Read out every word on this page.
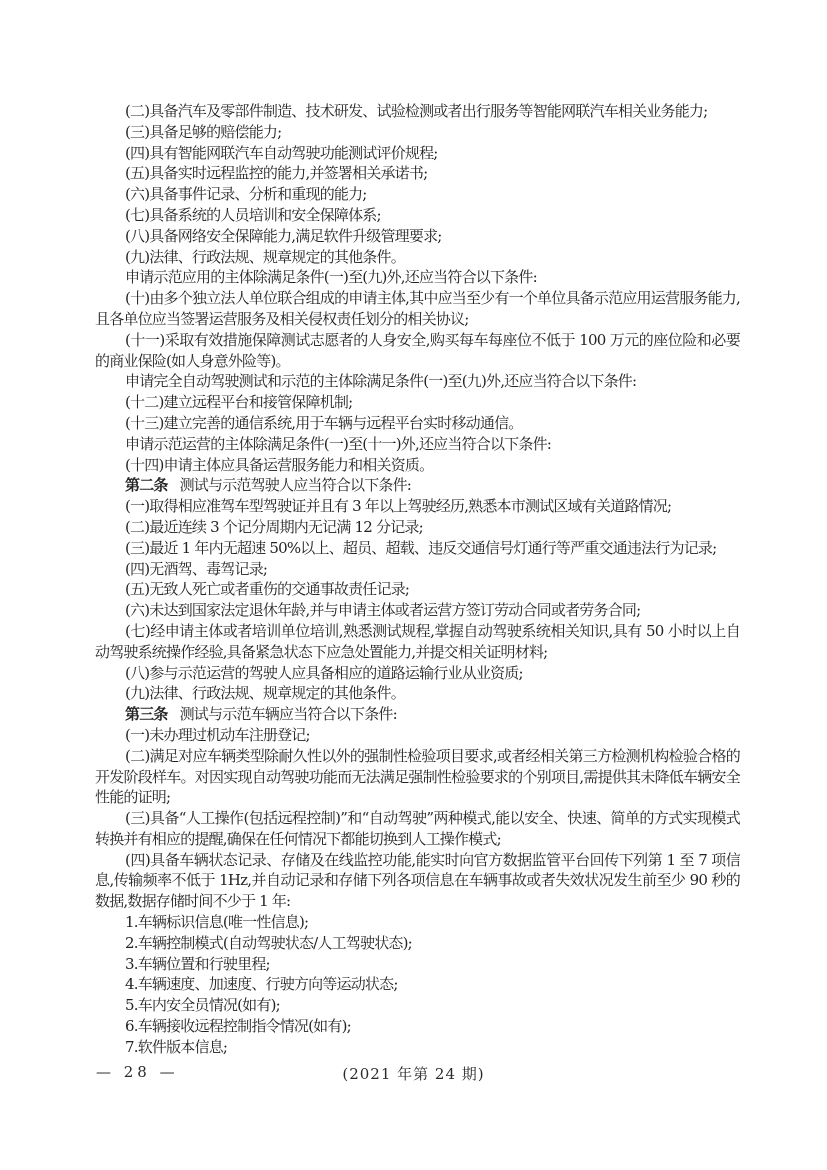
(二)具备汽车及零部件制造、技术研发、试验检测或者出行服务等智能网联汽车相关业务能力;

(三)具备足够的赔偿能力;

(四)具有智能网联汽车自动驾驶功能测试评价规程;

(五)具备实时远程监控的能力,并签署相关承诺书;

(六)具备事件记录、分析和重现的能力;

(七)具备系统的人员培训和安全保障体系;

(八)具备网络安全保障能力,满足软件升级管理要求;

(九)法律、行政法规、规章规定的其他条件。

申请示范应用的主体除满足条件(一)至(九)外,还应当符合以下条件:

(十)由多个独立法人单位联合组成的申请主体,其中应当至少有一个单位具备示范应用运营服务能力,且各单位应当签署运营服务及相关侵权责任划分的相关协议;

(十一)采取有效措施保障测试志愿者的人身安全,购买每车每座位不低于 100 万元的座位险和必要的商业保险(如人身意外险等)。

申请完全自动驾驶测试和示范的主体除满足条件(一)至(九)外,还应当符合以下条件:

(十二)建立远程平台和接管保障机制;

(十三)建立完善的通信系统,用于车辆与远程平台实时移动通信。

申请示范运营的主体除满足条件(一)至(十一)外,还应当符合以下条件:

(十四)申请主体应具备运营服务能力和相关资质。

第二条 测试与示范驾驶人应当符合以下条件:

(一)取得相应准驾车型驾驶证并且有 3 年以上驾驶经历,熟悉本市测试区域有关道路情况;

(二)最近连续 3 个记分周期内无记满 12 分记录;

(三)最近 1 年内无超速 50%以上、超员、超载、违反交通信号灯通行等严重交通违法行为记录;

(四)无酒驾、毒驾记录;

(五)无致人死亡或者重伤的交通事故责任记录;

(六)未达到国家法定退休年龄,并与申请主体或者运营方签订劳动合同或者劳务合同;

(七)经申请主体或者培训单位培训,熟悉测试规程,掌握自动驾驶系统相关知识,具有 50 小时以上自动驾驶系统操作经验,具备紧急状态下应急处置能力,并提交相关证明材料;

(八)参与示范运营的驾驶人应具备相应的道路运输行业从业资质;

(九)法律、行政法规、规章规定的其他条件。

第三条 测试与示范车辆应当符合以下条件:

(一)未办理过机动车注册登记;

(二)满足对应车辆类型除耐久性以外的强制性检验项目要求,或者经相关第三方检测机构检验合格的开发阶段样车。对因实现自动驾驶功能而无法满足强制性检验要求的个别项目,需提供其未降低车辆安全性能的证明;

(三)具备“人工操作(包括远程控制)”和“自动驾驶”两种模式,能以安全、快速、简单的方式实现模式转换并有相应的提醒,确保在任何情况下都能切换到人工操作模式;

(四)具备车辆状态记录、存储及在线监控功能,能实时向官方数据监管平台回传下列第 1 至 7 项信息,传输频率不低于 1Hz,并自动记录和存储下列各项信息在车辆事故或者失效状况发生前至少 90 秒的数据,数据存储时间不少于 1 年:

1.车辆标识信息(唯一性信息);

2.车辆控制模式(自动驾驶状态/人工驾驶状态);

3.车辆位置和行驶里程;

4.车辆速度、加速度、行驶方向等运动状态;

5.车内安全员情况(如有);

6.车辆接收远程控制指令情况(如有);

7.软件版本信息;

— 28 —	(2021 年第 24 期)
